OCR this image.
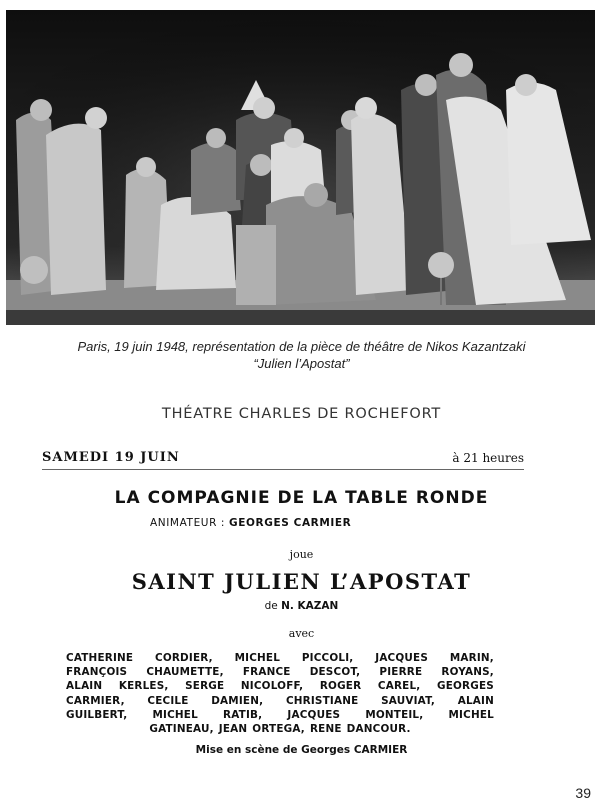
Paris, 19 juin 1948, représentation de la pièce de théâtre de Nikos Kazantzaki
“Julien l’Apostat”
THÉATRE CHARLES DE ROCHEFORT
SAMEDI 19 JUIN	à 21 heures
LA COMPAGNIE DE LA TABLE RONDE
ANIMATEUR : GEORGES CARMIER
joue
SAINT JULIEN L’APOSTAT
de N. KAZAN
avec
CATHERINE CORDIER, MICHEL PICCOLI, JACQUES MARIN,
FRANÇOIS CHAUMETTE, FRANCE DESCOT, PIERRE ROYANS,
ALAIN KERLES, SERGE NICOLOFF, ROGER CAREL, GEORGES
CARMIER, CECILE DAMIEN, CHRISTIANE SAUVIAT, ALAIN
GUILBERT, MICHEL RATIB, JACQUES MONTEIL, MICHEL
GATINEAU, JEAN ORTEGA, RENE DANCOUR.
Mise en scène de Georges CARMIER
39
